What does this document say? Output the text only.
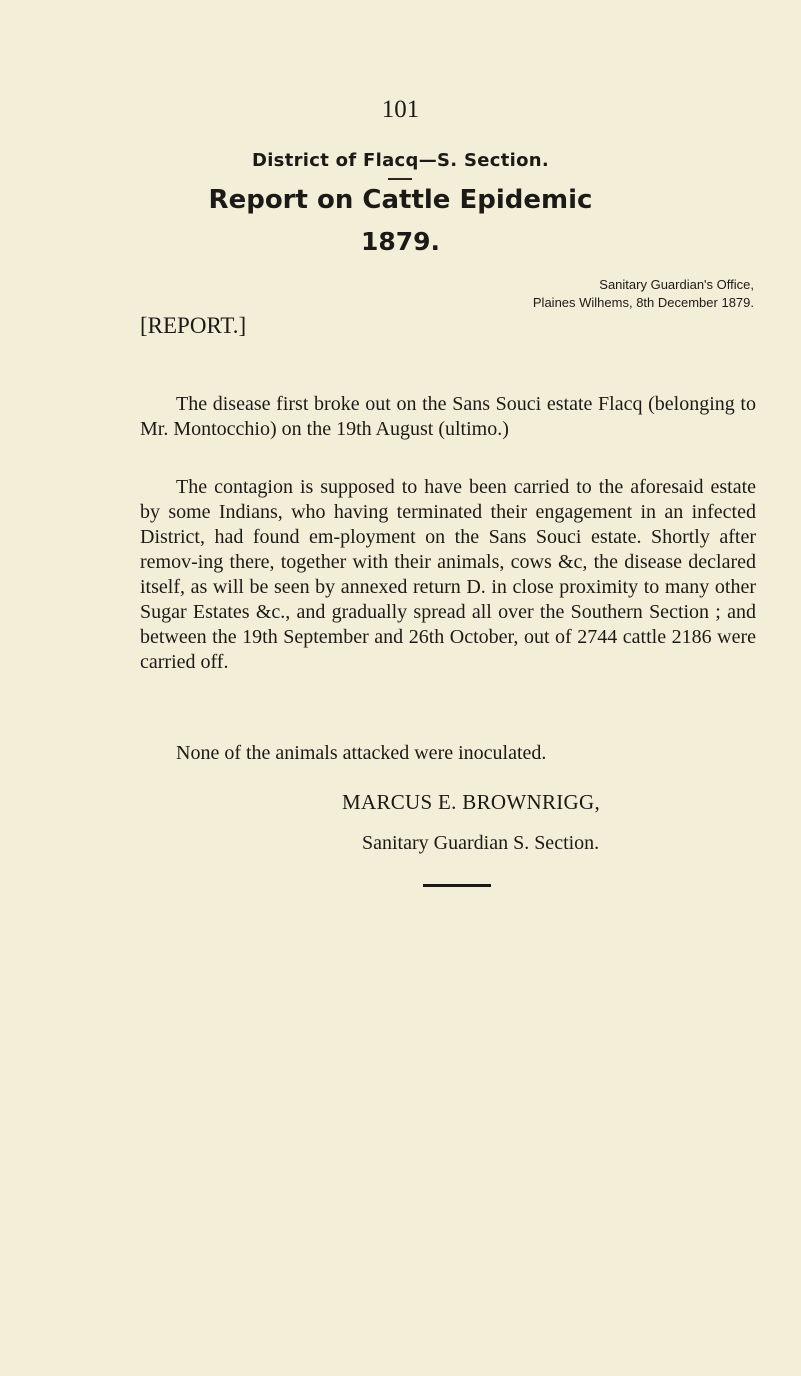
101
District of Flacq—S. Section.
Report on Cattle Epidemic
1879.
Sanitary Guardian's Office,
Plaines Wilhems, 8th December 1879.
[REPORT.]
The disease first broke out on the Sans Souci estate Flacq (belonging to Mr. Montocchio) on the 19th August (ultimo.)
The contagion is supposed to have been carried to the aforesaid estate by some Indians, who having terminated their engagement in an infected District, had found em-ployment on the Sans Souci estate. Shortly after remov-ing there, together with their animals, cows &c, the disease declared itself, as will be seen by annexed return D. in close proximity to many other Sugar Estates &c., and gradually spread all over the Southern Section ; and between the 19th September and 26th October, out of 2744 cattle 2186 were carried off.
None of the animals attacked were inoculated.
MARCUS E. BROWNRIGG,
Sanitary Guardian S. Section.
